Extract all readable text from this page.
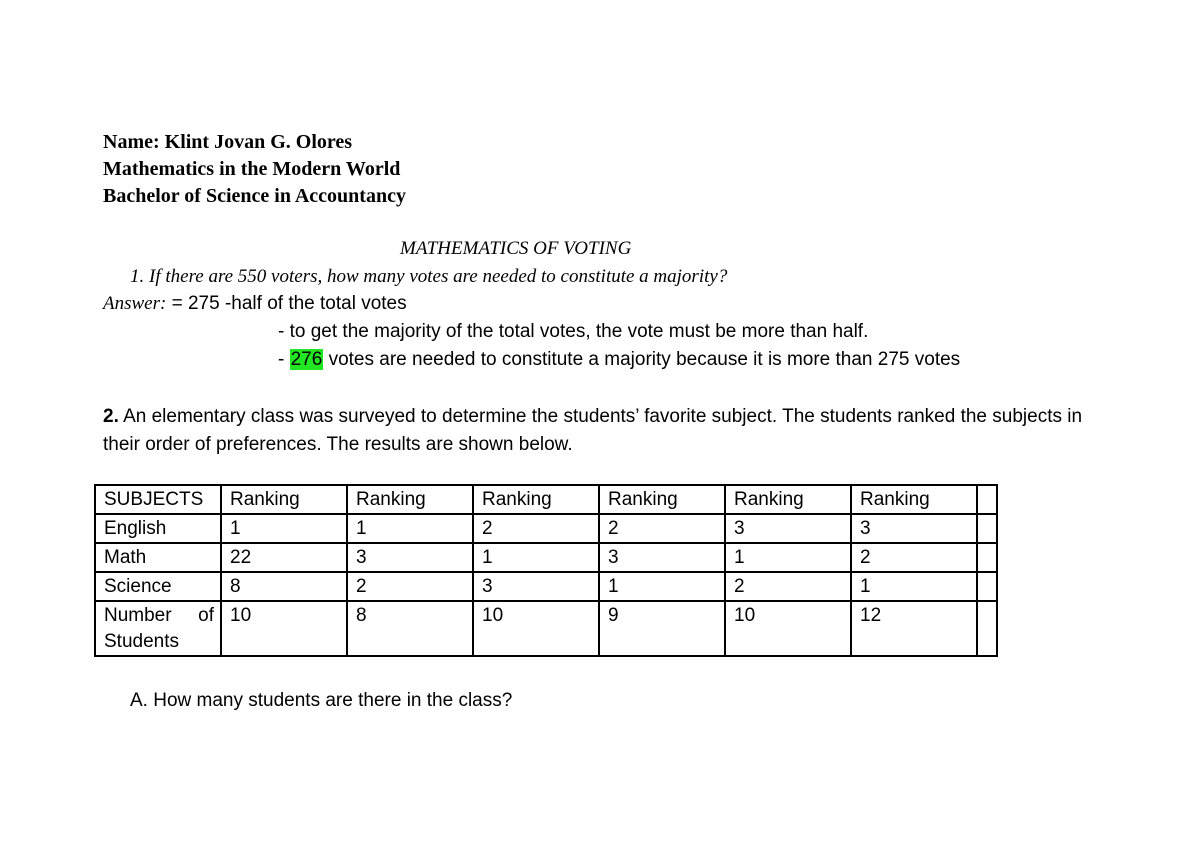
Name: Klint Jovan G. Olores
Mathematics in the Modern World
Bachelor of Science in Accountancy
MATHEMATICS OF VOTING
1. If there are 550 voters, how many votes are needed to constitute a majority?
Answer: = 275 -half of the total votes
- to get the majority of the total votes, the vote must be more than half.
- 276 votes are needed to constitute a majority because it is more than 275 votes
2. An elementary class was surveyed to determine the students’ favorite subject. The students ranked the subjects in their order of preferences. The results are shown below.
SUBJECTS	Ranking	Ranking	Ranking	Ranking	Ranking	Ranking	
English	1	1	2	2	3	3	
Math	22	3	1	3	1	2	
Science	8	2	3	1	2	1	

Number of
Students	10	8	10	9	10	12	
A. How many students are there in the class?
